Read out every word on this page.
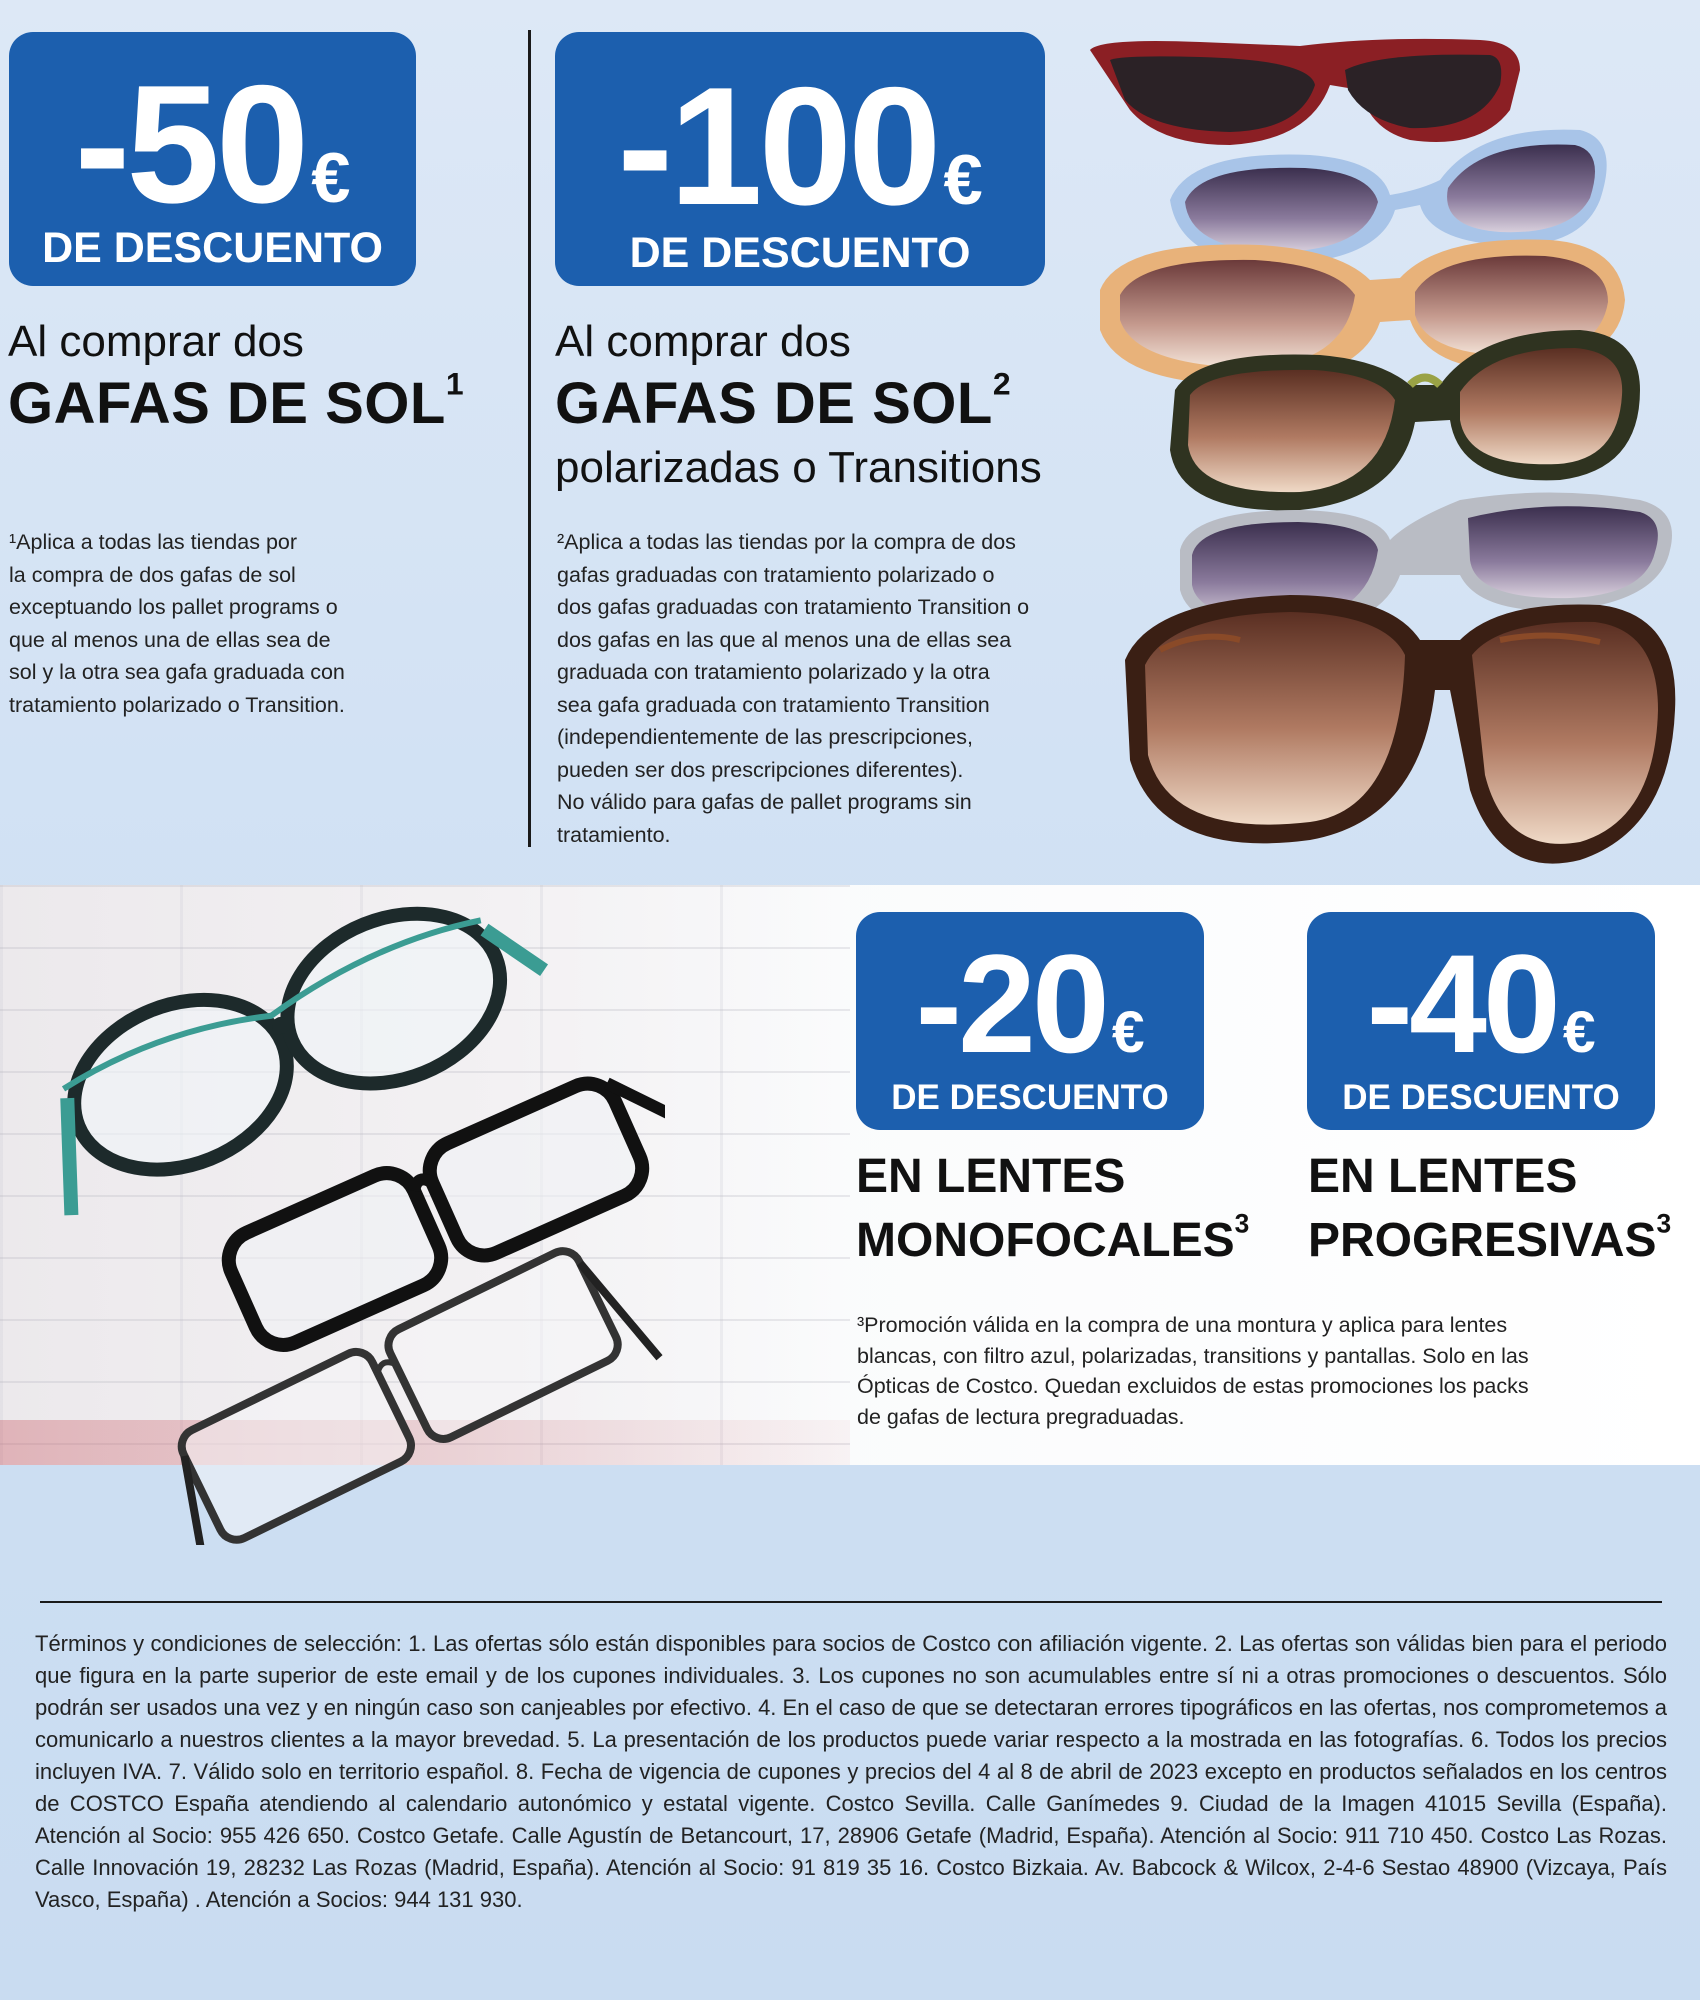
-50€
DE DESCUENTO
Al comprar dos
GAFAS DE SOL$^1$
¹Aplica a todas las tiendas por
la compra de dos gafas de sol
exceptuando los pallet programs o
que al menos una de ellas sea de
sol y la otra sea gafa graduada con
tratamiento polarizado o Transition.
-100€
DE DESCUENTO
Al comprar dos
GAFAS DE SOL$^2$
polarizadas o Transitions
²Aplica a todas las tiendas por la compra de dos
gafas graduadas con tratamiento polarizado o
dos gafas graduadas con tratamiento Transition o
dos gafas en las que al menos una de ellas sea
graduada con tratamiento polarizado y la otra
sea gafa graduada con tratamiento Transition
(independientemente de las prescripciones,
pueden ser dos prescripciones diferentes).
No válido para gafas de pallet programs sin
tratamiento.
-20 €
DE DESCUENTO
-40 €
DE DESCUENTO
EN LENTES
MONOFOCALES$^3$
EN LENTES
PROGRESIVAS$^3$
³Promoción válida en la compra de una montura y aplica para lentes
blancas, con filtro azul, polarizadas, transitions y pantallas. Solo en las
Ópticas de Costco. Quedan excluidos de estas promociones los packs
de gafas de lectura pregraduadas.
Términos y condiciones de selección: 1. Las ofertas sólo están disponibles para socios de Costco con afiliación vigente. 2. Las ofertas son válidas bien para el periodo que figura en la parte superior de este email y de los cupones individuales. 3. Los cupones no son acumulables entre sí ni a otras promociones o descuentos. Sólo podrán ser usados una vez y en ningún caso son canjeables por efectivo. 4. En el caso de que se detectaran errores tipográficos en las ofertas, nos comprometemos a comunicarlo a nuestros clientes a la mayor brevedad. 5. La presentación de los productos puede variar respecto a la mostrada en las fotografías. 6. Todos los precios incluyen IVA. 7. Válido solo en territorio español. 8. Fecha de vigencia de cupones y precios del 4 al 8 de abril de 2023 excepto en productos señalados en los centros de COSTCO España atendiendo al calendario autonómico y estatal vigente. Costco Sevilla. Calle Ganímedes 9. Ciudad de la Imagen 41015 Sevilla (España). Atención al Socio: 955 426 650. Costco Getafe. Calle Agustín de Betancourt, 17, 28906 Getafe (Madrid, España). Atención al Socio: 911 710 450. Costco Las Rozas. Calle Innovación 19, 28232 Las Rozas (Madrid, España). Atención al Socio: 91 819 35 16. Costco Bizkaia. Av. Babcock & Wilcox, 2-4-6 Sestao 48900 (Vizcaya, País Vasco, España) . Atención a Socios: 944 131 930.
